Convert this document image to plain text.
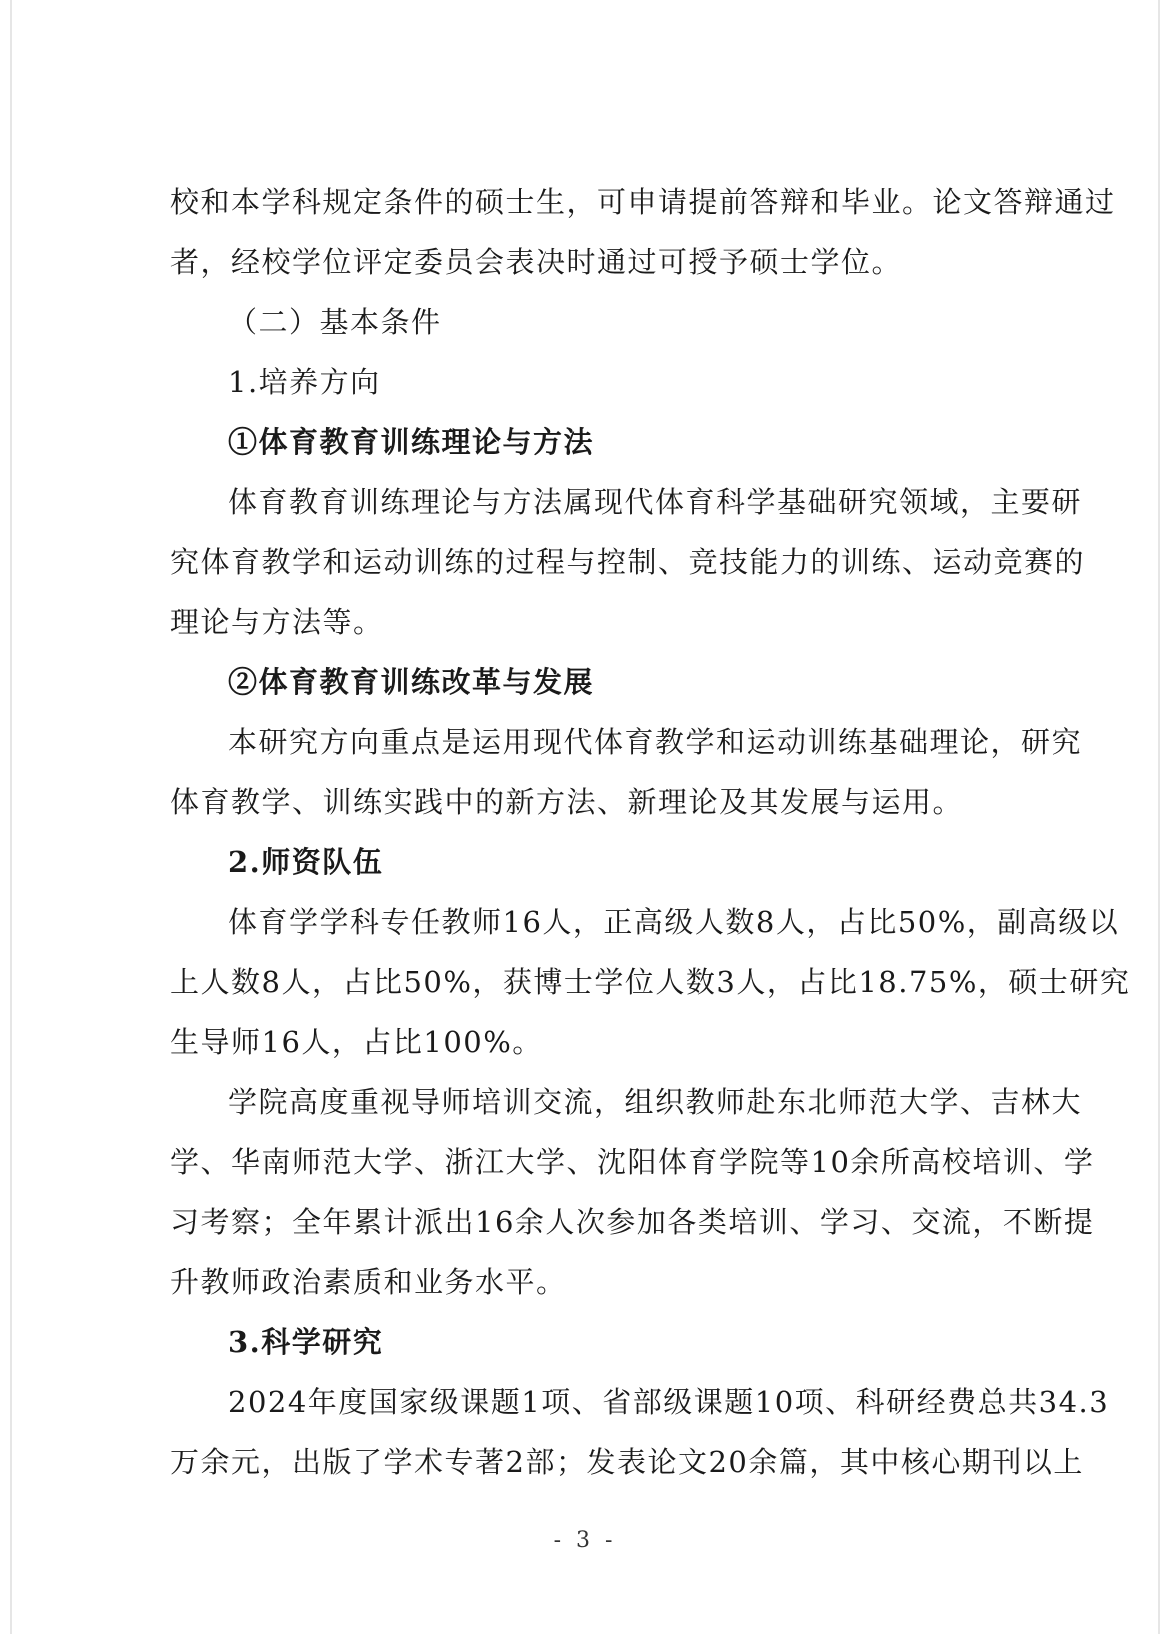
校和本学科规定条件的硕士生，可申请提前答辩和毕业。论文答辩通过
者，经校学位评定委员会表决时通过可授予硕士学位。
（二）基本条件
1.培养方向
①体育教育训练理论与方法
体育教育训练理论与方法属现代体育科学基础研究领域，主要研
究体育教学和运动训练的过程与控制、竞技能力的训练、运动竞赛的
理论与方法等。
②体育教育训练改革与发展
本研究方向重点是运用现代体育教学和运动训练基础理论，研究
体育教学、训练实践中的新方法、新理论及其发展与运用。
2.师资队伍
体育学学科专任教师16人，正高级人数8人，占比50%，副高级以
上人数8人，占比50%，获博士学位人数3人，占比18.75%，硕士研究
生导师16人，占比100%。
学院高度重视导师培训交流，组织教师赴东北师范大学、吉林大
学、华南师范大学、浙江大学、沈阳体育学院等10余所高校培训、学
习考察；全年累计派出16余人次参加各类培训、学习、交流，不断提
升教师政治素质和业务水平。
3.科学研究
2024年度国家级课题1项、省部级课题10项、科研经费总共34.3
万余元，出版了学术专著2部；发表论文20余篇，其中核心期刊以上
- 3 -
